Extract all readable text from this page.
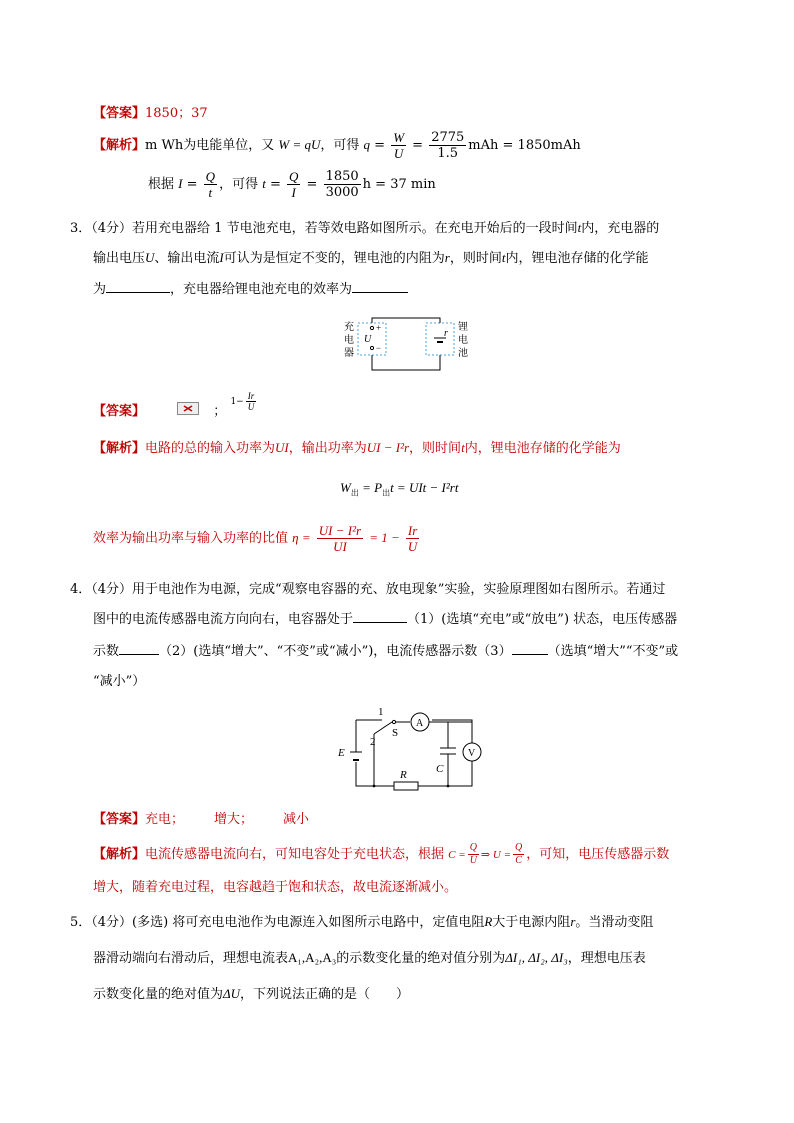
【答案】1850；37
【解析】m Wh为电能单位，又 W = qU，可得 $q = \frac{W}{U} = \frac{2775}{1.5}$ mAh = 1850mAh
根据 $I = \frac{Q}{t}$ ，可得 $t = \frac{Q}{I} = \frac{1850}{3000}$ h = 37 min
3．（4分）若用充电器给 1 节电池充电，若等效电路如图所示。在充电开始后的一段时间t内，充电器的
输出电压U、输出电流I可认为是恒定不变的，锂电池的内阻为r，则时间t内，锂电池存储的化学能
为	，充电器给锂电池充电的效率为
充
电
器
锂
电
池
+
−
U
r
【答案】	； $1- \frac{Ir}{U}$
【解析】电路的总的输入功率为UI，输出功率为UI − I²r，则时间t内，锂电池存储的化学能为
$W_出 = P_出t$ = UIt − I²rt
效率为输出功率与输入功率的比值 $\eta = \frac{\text{UI − I²r}}{UI} = 1 - \frac{Ir}{U}$
4．（4分）用于电池作为电源，完成“观察电容器的充、放电现象”实验，实验原理图如右图所示。若通过
图中的电流传感器电流方向向右，电容器处于	（1）(选填“充电”或“放电”) 状态，电压传感器
示数	（2）(选填“增大”、“不变”或“减小”)，电流传感器示数（3）	（选填“增大”“不变”或
“减小”）
E
1
2
S
A
C
V
R
【答案】充电； 增大； 减小
【解析】电流传感器电流向右，可知电容处于充电状态，根据 $C = \frac{Q}{U}$ ⇒ $U = \frac{Q}{C}$ ，可知，电压传感器示数
增大，随着充电过程，电容越趋于饱和状态，故电流逐渐减小。
5．（4分）(多选) 将可充电电池作为电源连入如图所示电路中，定值电阻R大于电源内阻r。当滑动变阻
器滑动端向右滑动后，理想电流表A₁,A₂,A₃的示数变化量的绝对值分别为ΔI₁, ΔI₂, ΔI₃，理想电压表
示数变化量的绝对值为ΔU，下列说法正确的是（　　）
